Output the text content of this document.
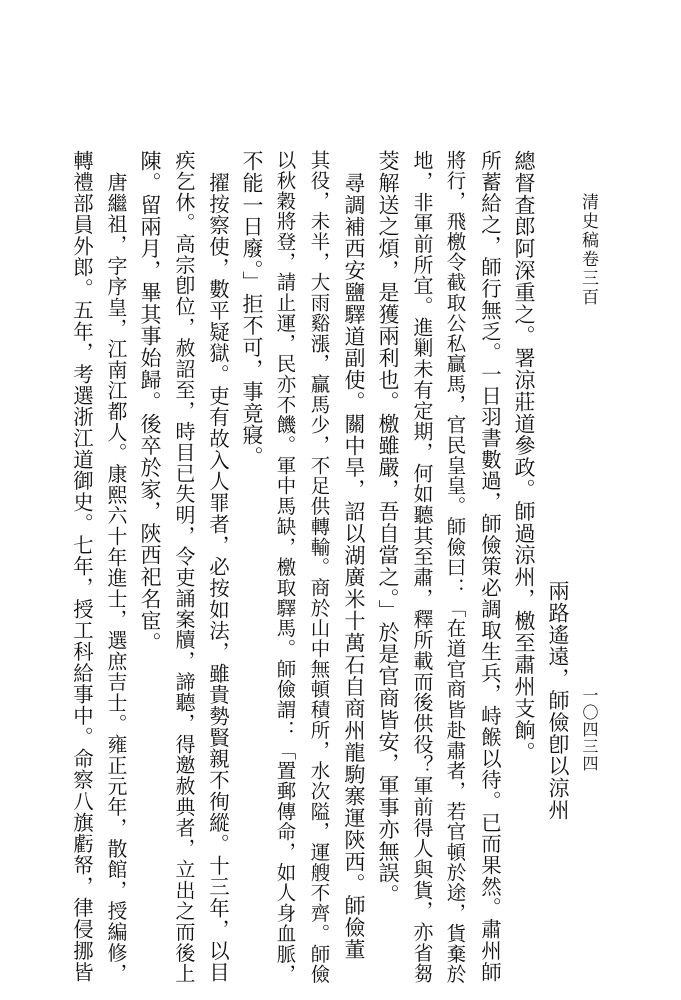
清史稿卷三百
一〇四三四
兩路遙遠，師儉卽以涼州
總督査郎阿深重之。署涼莊道參政。師過涼州，檄至肅州支餉。
所蓄給之，師行無乏。一日羽書數過，師儉策必調取生兵，峙餱以待。已而果然。肅州師
將行，飛檄令截取公私贏馬，官民皇皇。師儉曰：「在道官商皆赴肅者，若官頓於途，貨棄於
地，非軍前所宜。進剿未有定期，何如聽其至肅，釋所載而後供役？軍前得人與貨，亦省芻
茭解送之煩，是獲兩利也。檄雖嚴，吾自當之。」於是官商皆安，軍事亦無誤。
尋調補西安鹽驛道副使。關中旱，詔以湖廣米十萬石自商州龍駒寨運陝西。師儉董
其役，未半，大雨谿漲，贏馬少，不足供轉輸。商於山中無頓積所，水次隘，運艘不齊。師儉
以秋穀將登，請止運，民亦不饑。軍中馬缺，檄取驛馬。師儉謂：「置郵傳命，如人身血脈，
不能一日廢。」拒不可，事竟寢。
擢按察使，數平疑獄。吏有故入人罪者，必按如法，雖貴勢賢親不徇縱。十三年，以目
疾乞休。高宗卽位，赦詔至，時目已失明，令吏誦案牘，諦聽，得邀赦典者，立出之而後上
陳。留兩月，畢其事始歸。後卒於家，陝西祀名宦。
唐繼祖，字序皇，江南江都人。康熙六十年進士，選庶吉士。雍正元年，散館，授編修，
轉禮部員外郎。五年，考選浙江道御史。七年，授工科給事中。命察八旗虧帑，律侵挪皆
